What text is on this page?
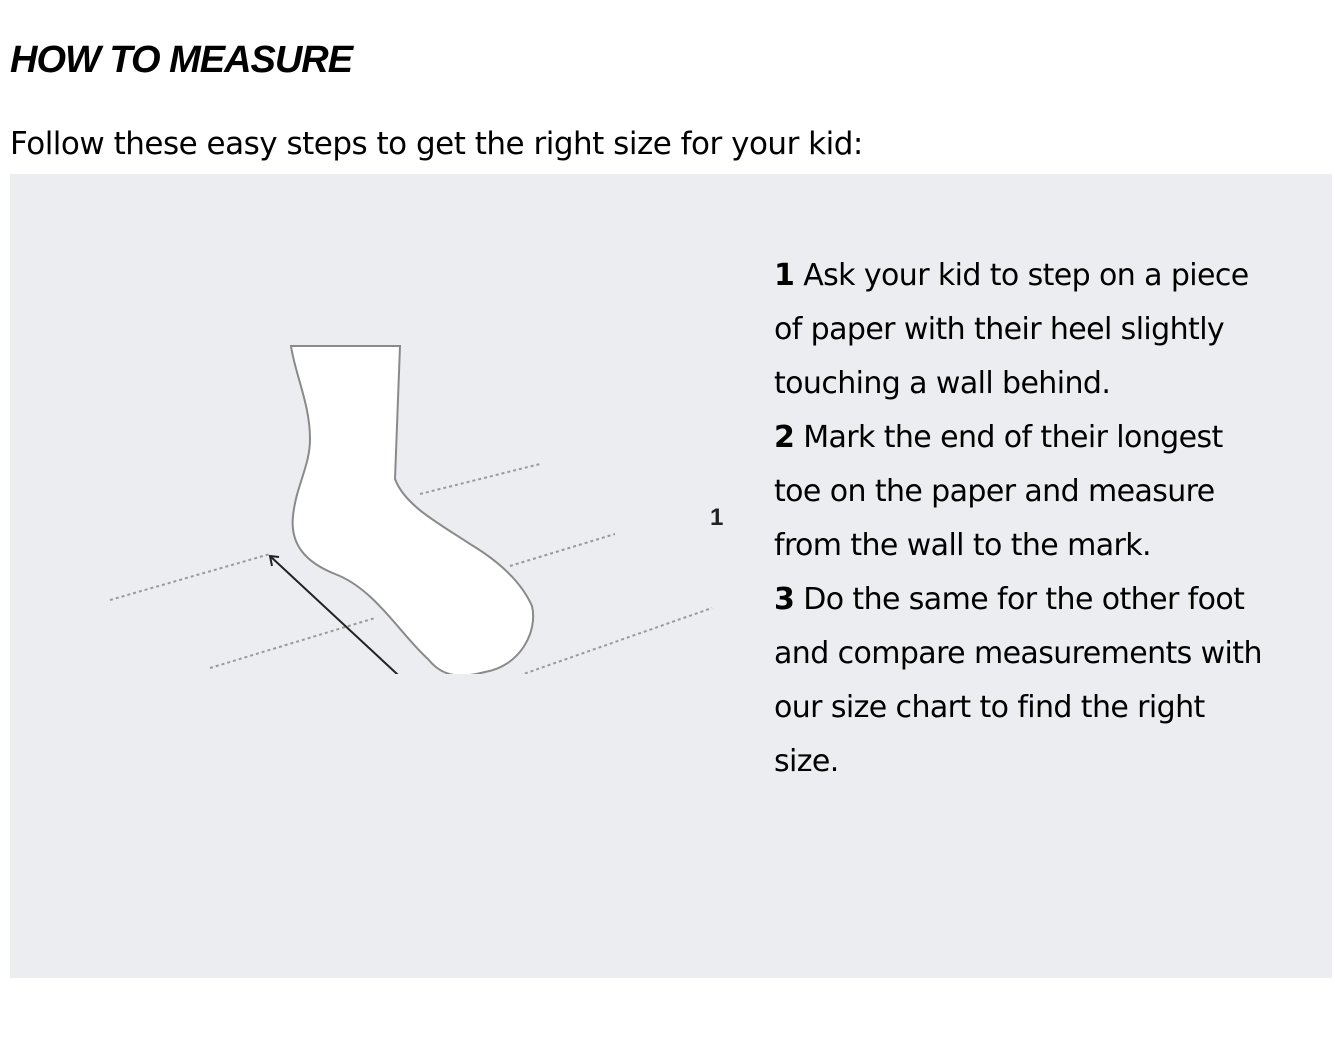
HOW TO MEASURE

Follow these easy steps to get the right size for your kid:

1

1 Ask your kid to step on a piece of paper with their heel slightly touching a wall behind.

2 Mark the end of their longest toe on the paper and measure from the wall to the mark.

3 Do the same for the other foot and compare measurements with our size chart to find the right size.
